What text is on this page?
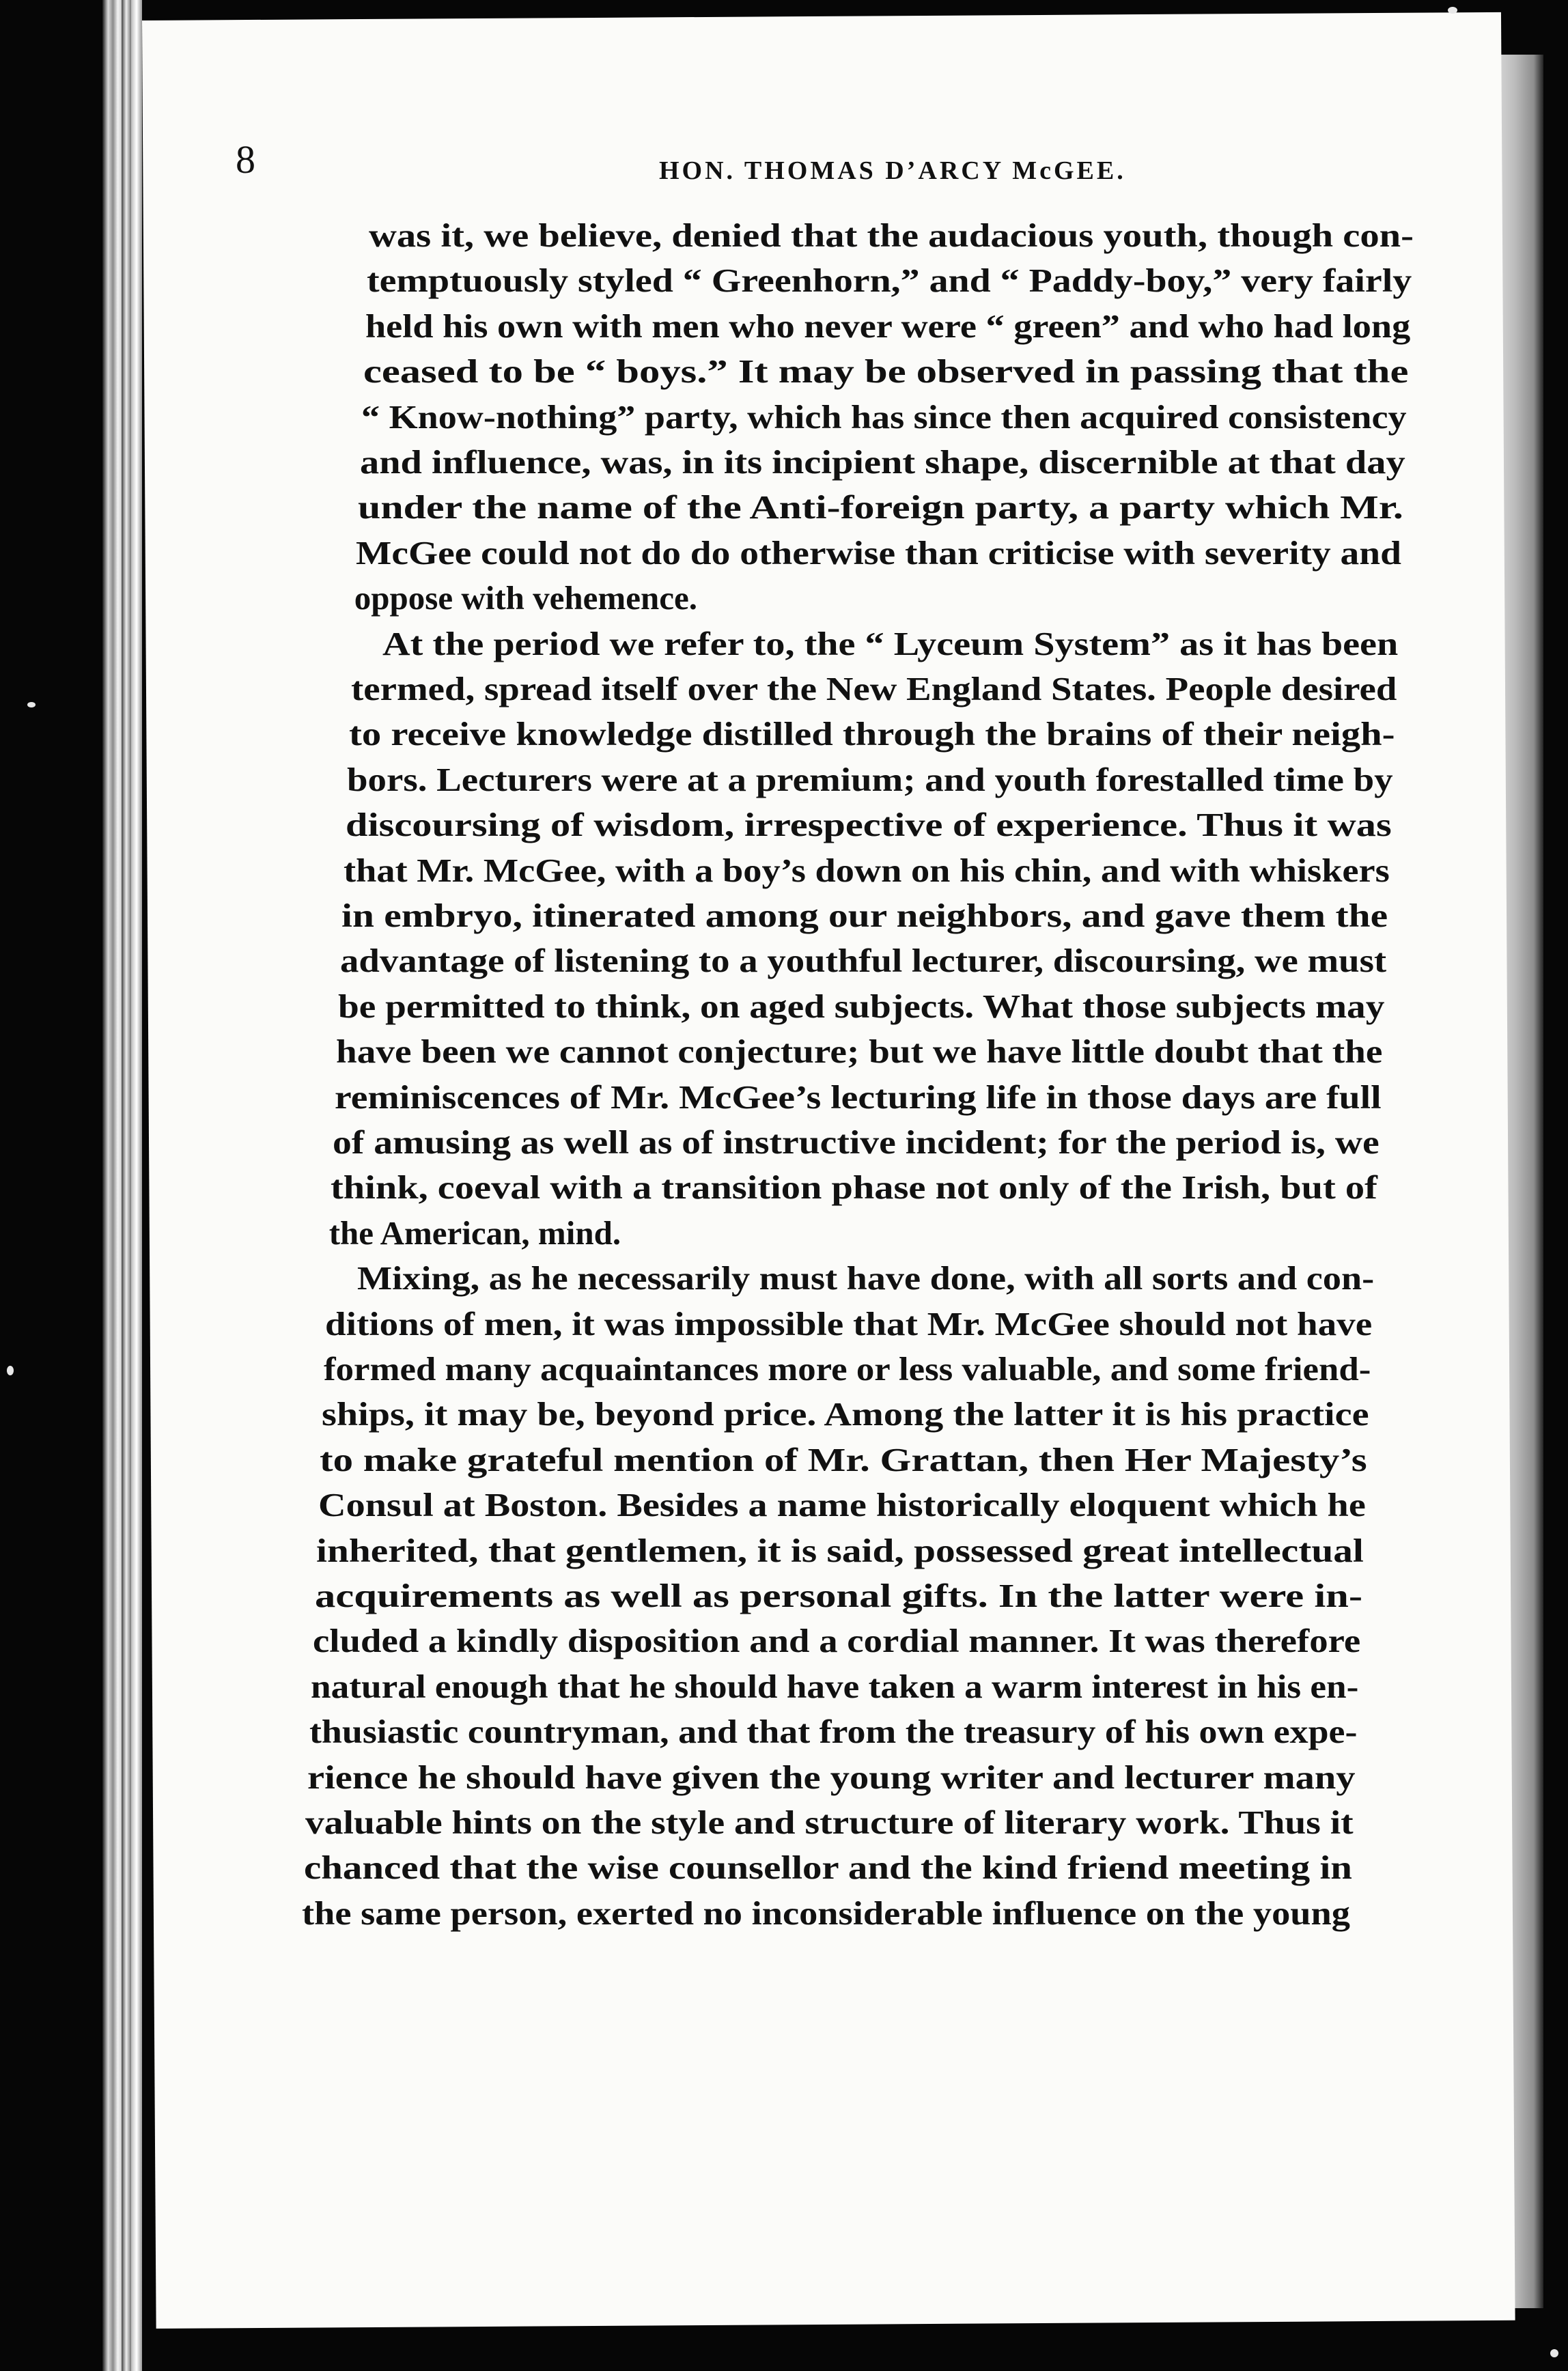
8	HON. THOMAS D’ARCY McGEE.
was it, we believe, denied that the audacious youth, though con-
temptuously styled “ Greenhorn,” and “ Paddy-boy,” very fairly
held his own with men who never were “ green” and who had long
ceased to be “ boys.” It may be observed in passing that the
“ Know-nothing” party, which has since then acquired consistency
and influence, was, in its incipient shape, discernible at that day
under the name of the Anti-foreign party, a party which Mr.
McGee could not do do otherwise than criticise with severity and
oppose with vehemence.
At the period we refer to, the “ Lyceum System” as it has been
termed, spread itself over the New England States. People desired
to receive knowledge distilled through the brains of their neigh-
bors. Lecturers were at a premium; and youth forestalled time by
discoursing of wisdom, irrespective of experience. Thus it was
that Mr. McGee, with a boy’s down on his chin, and with whiskers
in embryo, itinerated among our neighbors, and gave them the
advantage of listening to a youthful lecturer, discoursing, we must
be permitted to think, on aged subjects. What those subjects may
have been we cannot conjecture; but we have little doubt that the
reminiscences of Mr. McGee’s lecturing life in those days are full
of amusing as well as of instructive incident; for the period is, we
think, coeval with a transition phase not only of the Irish, but of
the American, mind.
Mixing, as he necessarily must have done, with all sorts and con-
ditions of men, it was impossible that Mr. McGee should not have
formed many acquaintances more or less valuable, and some friend-
ships, it may be, beyond price. Among the latter it is his practice
to make grateful mention of Mr. Grattan, then Her Majesty’s
Consul at Boston. Besides a name historically eloquent which he
inherited, that gentlemen, it is said, possessed great intellectual
acquirements as well as personal gifts. In the latter were in-
cluded a kindly disposition and a cordial manner. It was therefore
natural enough that he should have taken a warm interest in his en-
thusiastic countryman, and that from the treasury of his own expe-
rience he should have given the young writer and lecturer many
valuable hints on the style and structure of literary work. Thus it
chanced that the wise counsellor and the kind friend meeting in
the same person, exerted no inconsiderable influence on the young
